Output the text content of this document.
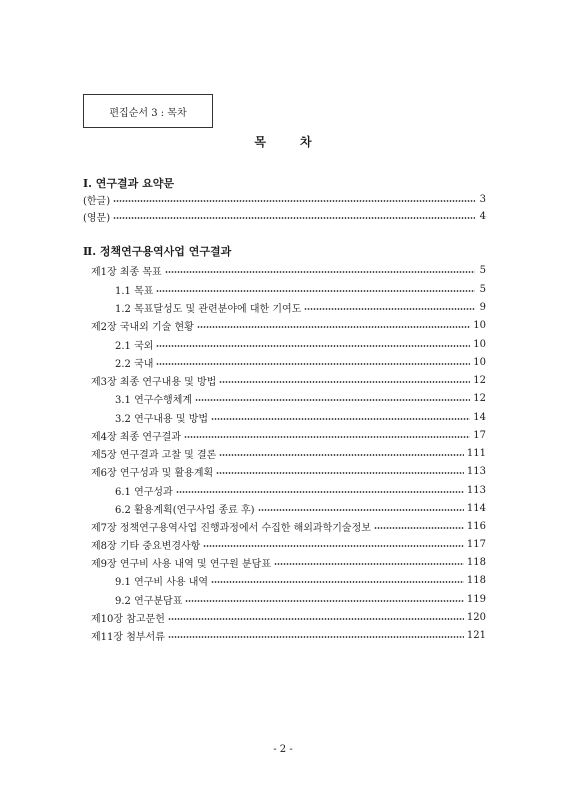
편집순서 3 : 목차
목	차
Ⅰ. 연구결과 요약문
(한글)	3
(영문)	4
Ⅱ. 정책연구용역사업 연구결과
제1장 최종 목표	5
1.1 목표	5
1.2 목표달성도 및 관련분야에 대한 기여도	9
제2장 국내외 기술 현황	10
2.1 국외	10
2.2 국내	10
제3장 최종 연구내용 및 방법	12
3.1 연구수행체계	12
3.2 연구내용 및 방법	14
제4장 최종 연구결과	17
제5장 연구결과 고찰 및 결론	111
제6장 연구성과 및 활용계획	113
6.1 연구성과	113
6.2 활용계획(연구사업 종료 후)	114
제7장 정책연구용역사업 진행과정에서 수집한 해외과학기술정보	116
제8장 기타 중요변경사항	117
제9장 연구비 사용 내역 및 연구원 분담표	118
9.1 연구비 사용 내역	118
9.2 연구분담표	119
제10장 참고문헌	120
제11장 첨부서류	121
- 2 -
